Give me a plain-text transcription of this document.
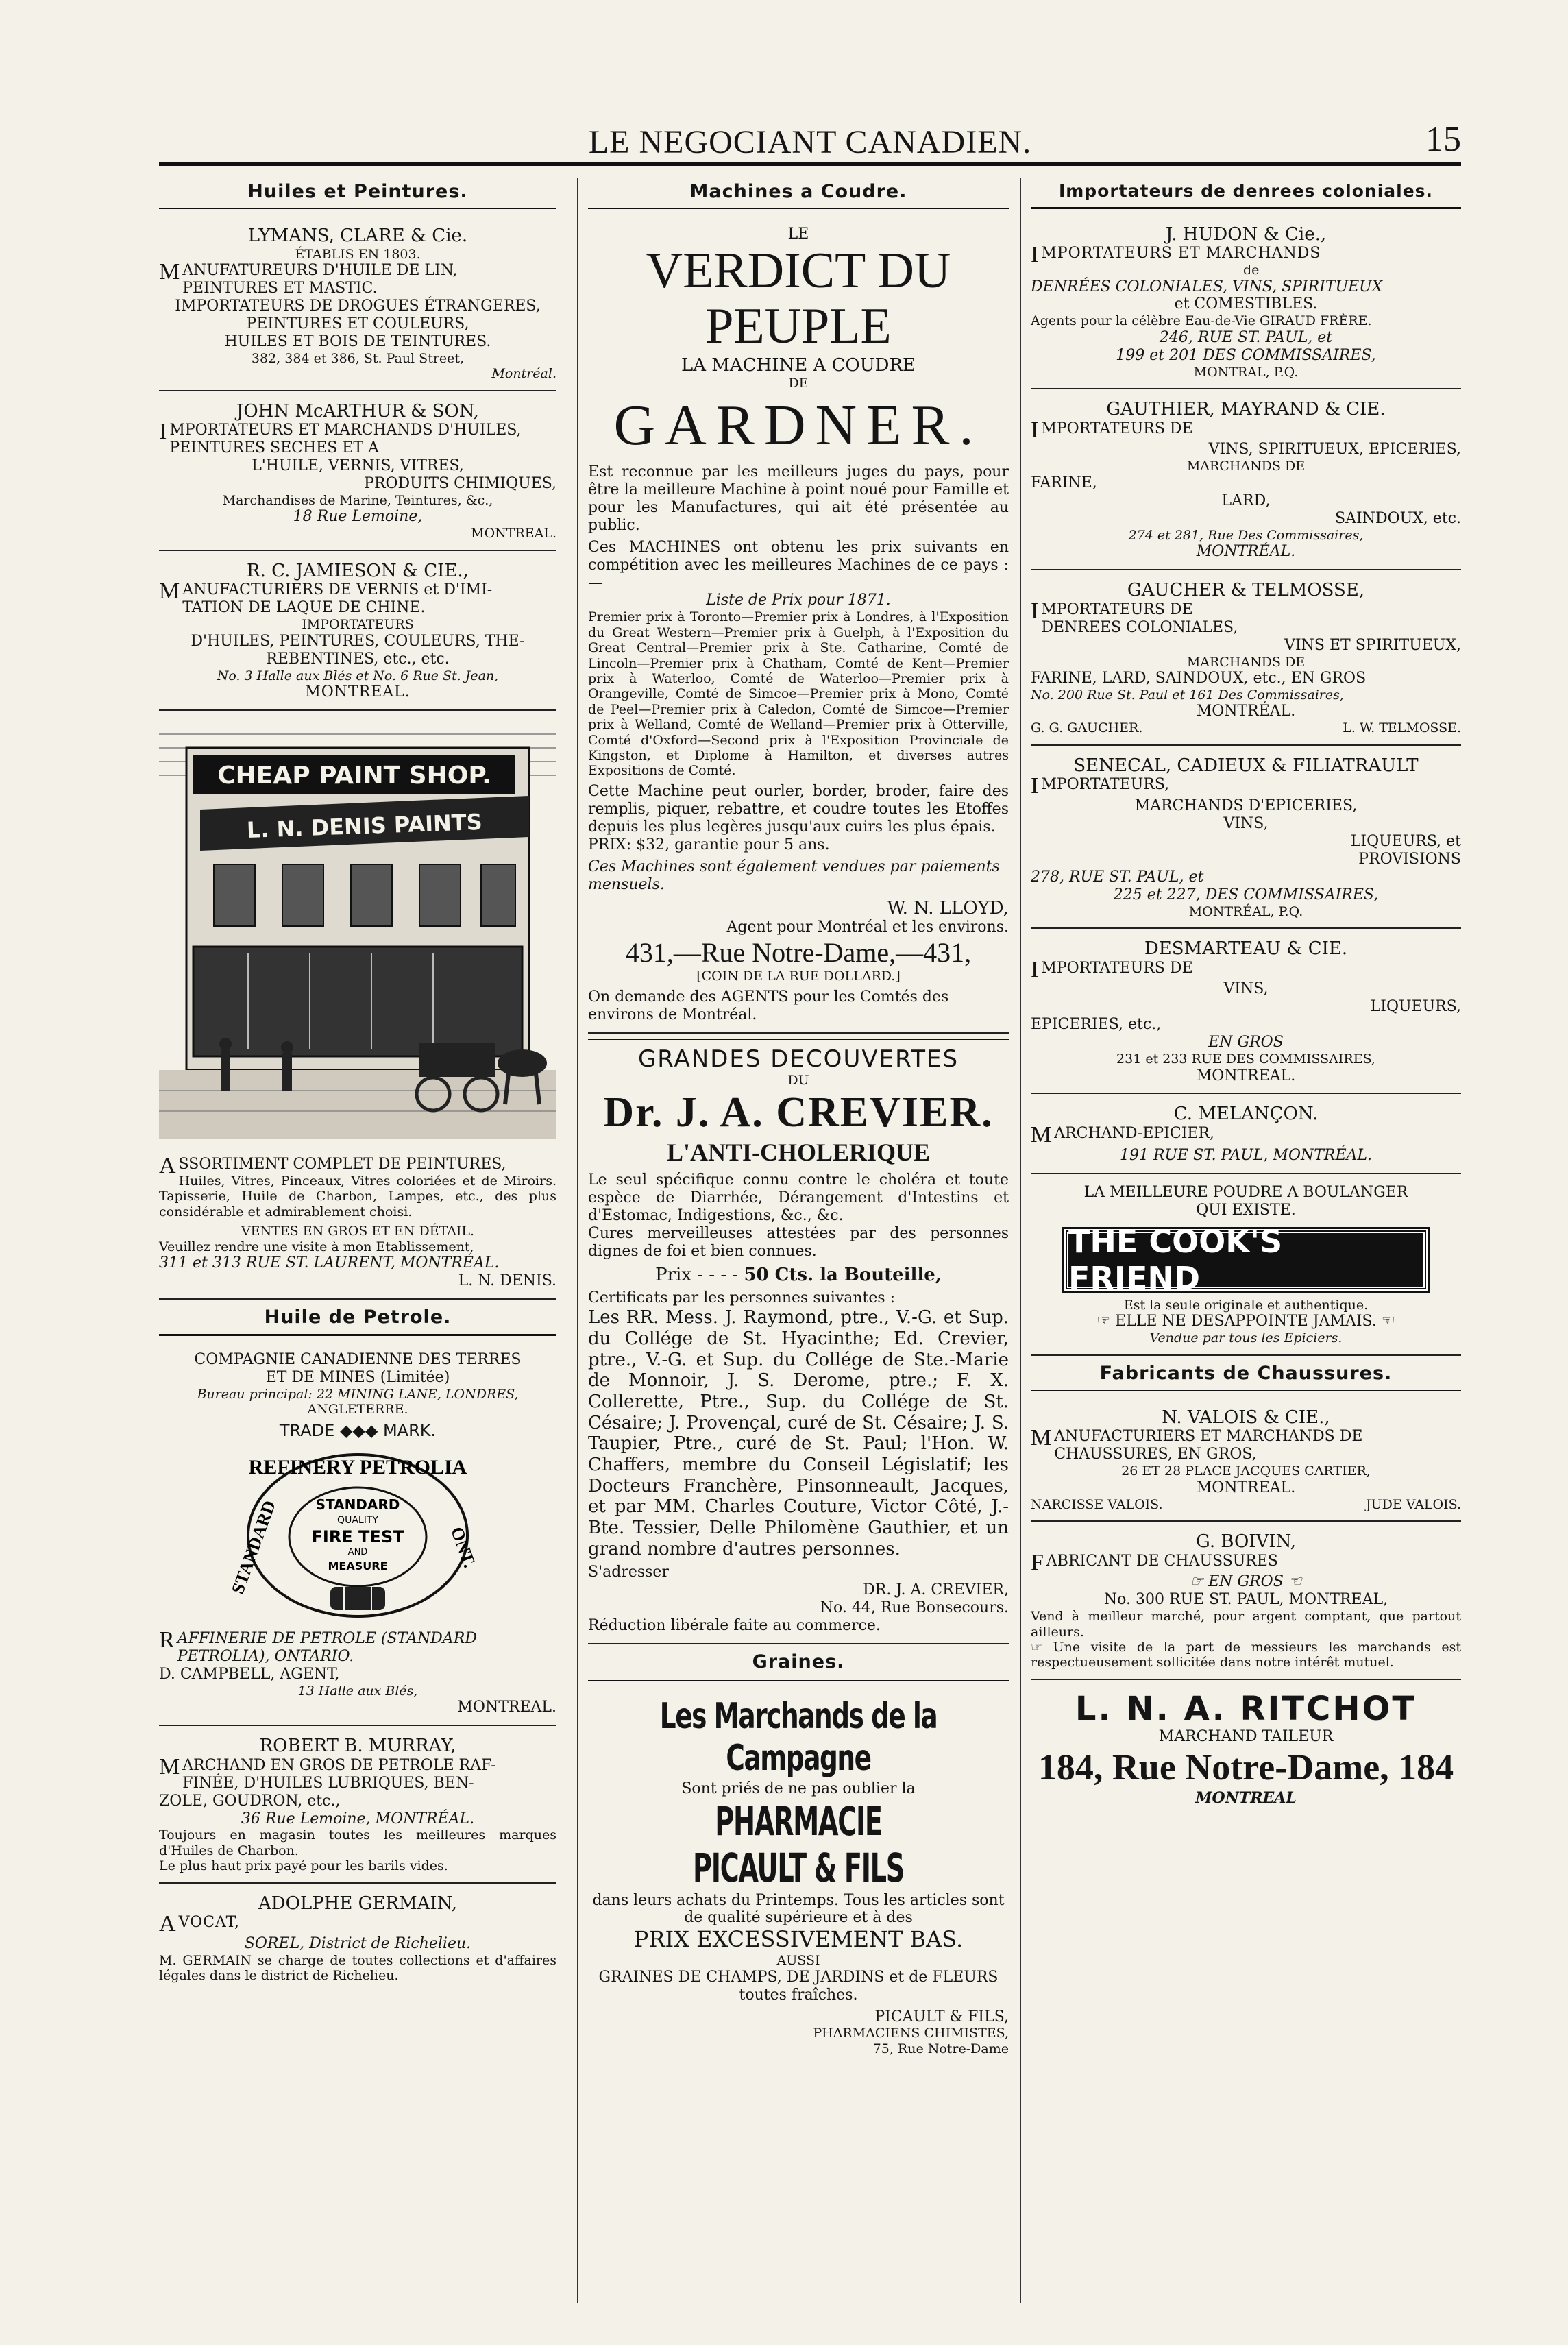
LE NEGOCIANT CANADIEN.	15
Huiles et Peintures.
LYMANS, CLARE & Cie.
ÉTABLIS EN 1803.
MANUFATUREURS D'HUILE DE LIN,
PEINTURES ET MASTIC.
IMPORTATEURS DE DROGUES ÉTRANGERES,
PEINTURES ET COULEURS,
HUILES ET BOIS DE TEINTURES.
382, 384 et 386, St. Paul Street,
Montréal.
JOHN McARTHUR & SON,
IMPORTATEURS ET MARCHANDS D'HUILES,
PEINTURES SECHES ET A
L'HUILE, VERNIS, VITRES,
PRODUITS CHIMIQUES,
Marchandises de Marine, Teintures, &c.,
18 Rue Lemoine,
MONTREAL.
R. C. JAMIESON & CIE.,
MANUFACTURIERS DE VERNIS et D'IMI-
TATION DE LAQUE DE CHINE.
IMPORTATEURS
D'HUILES, PEINTURES, COULEURS, THE-
REBENTINES, etc., etc.
No. 3 Halle aux Blés et No. 6 Rue St. Jean,
MONTREAL.
CHEAP PAINT SHOP.
L. N. DENIS PAINTS
ASSORTIMENT COMPLET DE PEINTURES,
Huiles, Vitres, Pinceaux, Vitres coloriées et de Miroirs. Tapisserie, Huile de Charbon, Lampes, etc., des plus considérable et admirablement choisi.
VENTES EN GROS ET EN DÉTAIL.
Veuillez rendre une visite à mon Etablissement,
311 et 313 RUE ST. LAURENT, MONTRÉAL.
L. N. DENIS.
Huile de Petrole.
COMPAGNIE CANADIENNE DES TERRES
ET DE MINES (Limitée)
Bureau principal: 22 MINING LANE, LONDRES,
ANGLETERRE.
TRADE ◆◆◆ MARK.
REFINERY PETROLIA
STANDARD	ONT.
STANDARD
QUALITY
FIRE TEST
AND
MEASURE
RAFFINERIE DE PETROLE (STANDARD
PETROLIA), ONTARIO.
D. CAMPBELL, AGENT,
13 Halle aux Blés,
MONTREAL.
ROBERT B. MURRAY,
MARCHAND EN GROS DE PETROLE RAF-
FINÉE, D'HUILES LUBRIQUES, BEN-
ZOLE, GOUDRON, etc.,
36 Rue Lemoine, MONTRÉAL.
Toujours en magasin toutes les meilleures marques d'Huiles de Charbon.
Le plus haut prix payé pour les barils vides.
ADOLPHE GERMAIN,
AVOCAT,
SOREL, District de Richelieu.
M. GERMAIN se charge de toutes collections et d'affaires légales dans le district de Richelieu.
Machines a Coudre.
LE
VERDICT DU PEUPLE
LA MACHINE A COUDRE
DE
GARDNER.
Est reconnue par les meilleurs juges du pays, pour être la meilleure Machine à point noué pour Famille et pour les Manufactures, qui ait été présentée au public.
Ces MACHINES ont obtenu les prix suivants en compétition avec les meilleures Machines de ce pays :—
Liste de Prix pour 1871.
Premier prix à Toronto—Premier prix à Londres, à l'Exposition du Great Western—Premier prix à Guelph, à l'Exposition du Great Central—Premier prix à Ste. Catharine, Comté de Lincoln—Premier prix à Chatham, Comté de Kent—Premier prix à Waterloo, Comté de Waterloo—Premier prix à Orangeville, Comté de Simcoe—Premier prix à Mono, Comté de Peel—Premier prix à Caledon, Comté de Simcoe—Premier prix à Welland, Comté de Welland—Premier prix à Otterville, Comté d'Oxford—Second prix à l'Exposition Provinciale de Kingston, et Diplome à Hamilton, et diverses autres Expositions de Comté.
Cette Machine peut ourler, border, broder, faire des remplis, piquer, rebattre, et coudre toutes les Etoffes depuis les plus legères jusqu'aux cuirs les plus épais.
PRIX: $32, garantie pour 5 ans.
Ces Machines sont également vendues par paiements mensuels.
W. N. LLOYD,
Agent pour Montréal et les environs.
431,—Rue Notre-Dame,—431,
[COIN DE LA RUE DOLLARD.]
On demande des AGENTS pour les Comtés des environs de Montréal.
GRANDES DECOUVERTES
DU
Dr. J. A. CREVIER.
L'ANTI-CHOLERIQUE
Le seul spécifique connu contre le choléra et toute espèce de Diarrhée, Dérangement d'Intestins et d'Estomac, Indigestions, &c., &c.
Cures merveilleuses attestées par des personnes dignes de foi et bien connues.
Prix - - - - 50 Cts. la Bouteille,
Certificats par les personnes suivantes :
Les RR. Mess. J. Raymond, ptre., V.-G. et Sup. du Collége de St. Hyacinthe; Ed. Crevier, ptre., V.-G. et Sup. du Collége de Ste.-Marie de Monnoir, J. S. Derome, ptre.; F. X. Collerette, Ptre., Sup. du Collége de St. Césaire; J. Provençal, curé de St. Césaire; J. S. Taupier, Ptre., curé de St. Paul; l'Hon. W. Chaffers, membre du Conseil Législatif; les Docteurs Franchère, Pinsonneault, Jacques, et par MM. Charles Couture, Victor Côté, J.-Bte. Tessier, Delle Philomène Gauthier, et un grand nombre d'autres personnes.
S'adresser
DR. J. A. CREVIER,
No. 44, Rue Bonsecours.
Réduction libérale faite au commerce.
Graines.
Les Marchands de la Campagne
Sont priés de ne pas oublier la
PHARMACIE PICAULT & FILS
dans leurs achats du Printemps. Tous les articles sont de qualité supérieure et à des
PRIX EXCESSIVEMENT BAS.
AUSSI
GRAINES DE CHAMPS, DE JARDINS et de FLEURS toutes fraîches.
PICAULT & FILS,
PHARMACIENS CHIMISTES,
75, Rue Notre-Dame
Importateurs de denrees coloniales.
J. HUDON & Cie.,
IMPORTATEURS ET MARCHANDS
de
DENRÉES COLONIALES, VINS, SPIRITUEUX
et COMESTIBLES.
Agents pour la célèbre Eau-de-Vie GIRAUD FRÈRE.
246, RUE ST. PAUL, et
199 et 201 DES COMMISSAIRES,
MONTRAL, P.Q.
GAUTHIER, MAYRAND & CIE.
IMPORTATEURS DE
VINS, SPIRITUEUX, EPICERIES,
MARCHANDS DE
FARINE,
LARD,
SAINDOUX, etc.
274 et 281, Rue Des Commissaires,
MONTRÉAL.
GAUCHER & TELMOSSE,
IMPORTATEURS DE
DENREES COLONIALES,
VINS ET SPIRITUEUX,
MARCHANDS DE
FARINE, LARD, SAINDOUX, etc., EN GROS
No. 200 Rue St. Paul et 161 Des Commissaires,
MONTRÉAL.
G. G. GAUCHER.	L. W. TELMOSSE.
SENECAL, CADIEUX & FILIATRAULT
IMPORTATEURS,
MARCHANDS D'EPICERIES,
VINS,
LIQUEURS, et
PROVISIONS
278, RUE ST. PAUL, et
225 et 227, DES COMMISSAIRES,
MONTRÉAL, P.Q.
DESMARTEAU & CIE.
IMPORTATEURS DE
VINS,
LIQUEURS,
EPICERIES, etc.,
EN GROS
231 et 233 RUE DES COMMISSAIRES,
MONTREAL.
C. MELANÇON.
MARCHAND-EPICIER,
191 RUE ST. PAUL, MONTRÉAL.
LA MEILLEURE POUDRE A BOULANGER
QUI EXISTE.
THE COOK'S FRIEND
Est la seule originale et authentique.
☞ ELLE NE DESAPPOINTE JAMAIS. ☜
Vendue par tous les Epiciers.
Fabricants de Chaussures.
N. VALOIS & CIE.,
MANUFACTURIERS ET MARCHANDS DE
CHAUSSURES, EN GROS,
26 ET 28 PLACE JACQUES CARTIER,
MONTREAL.
NARCISSE VALOIS.	JUDE VALOIS.
G. BOIVIN,
FABRICANT DE CHAUSSURES
☞ EN GROS ☜
No. 300 RUE ST. PAUL, MONTREAL,
Vend à meilleur marché, pour argent comptant, que partout ailleurs.
☞ Une visite de la part de messieurs les marchands est respectueusement sollicitée dans notre intérêt mutuel.
L. N. A. RITCHOT
MARCHAND TAILEUR
184, Rue Notre-Dame, 184
MONTREAL
